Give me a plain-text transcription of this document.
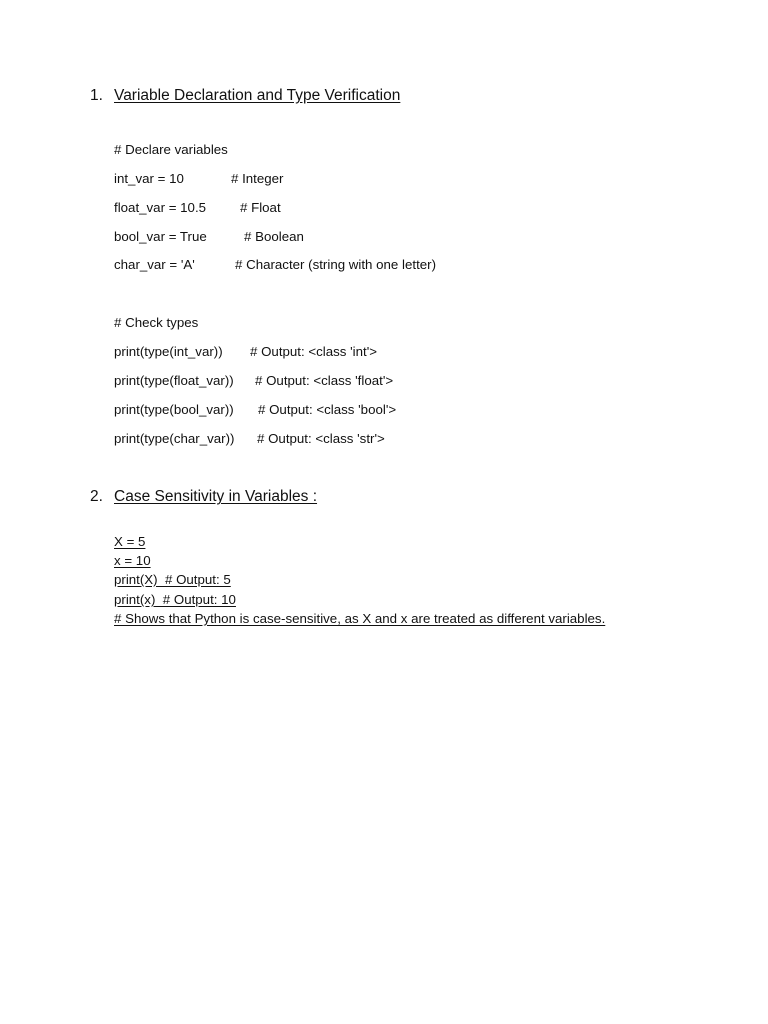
1. Variable Declaration and Type Verification
# Declare variables
int_var = 10	# Integer
float_var = 10.5	# Float
bool_var = True	# Boolean
char_var = 'A'	# Character (string with one letter)
# Check types
print(type(int_var)) # Output: <class 'int'>
print(type(float_var)) # Output: <class 'float'>
print(type(bool_var)) # Output: <class 'bool'>
print(type(char_var)) # Output: <class 'str'>
2. Case Sensitivity in Variables :
X = 5
x = 10
print(X)  # Output: 5
print(x)  # Output: 10
# Shows that Python is case-sensitive, as X and x are treated as different variables.
